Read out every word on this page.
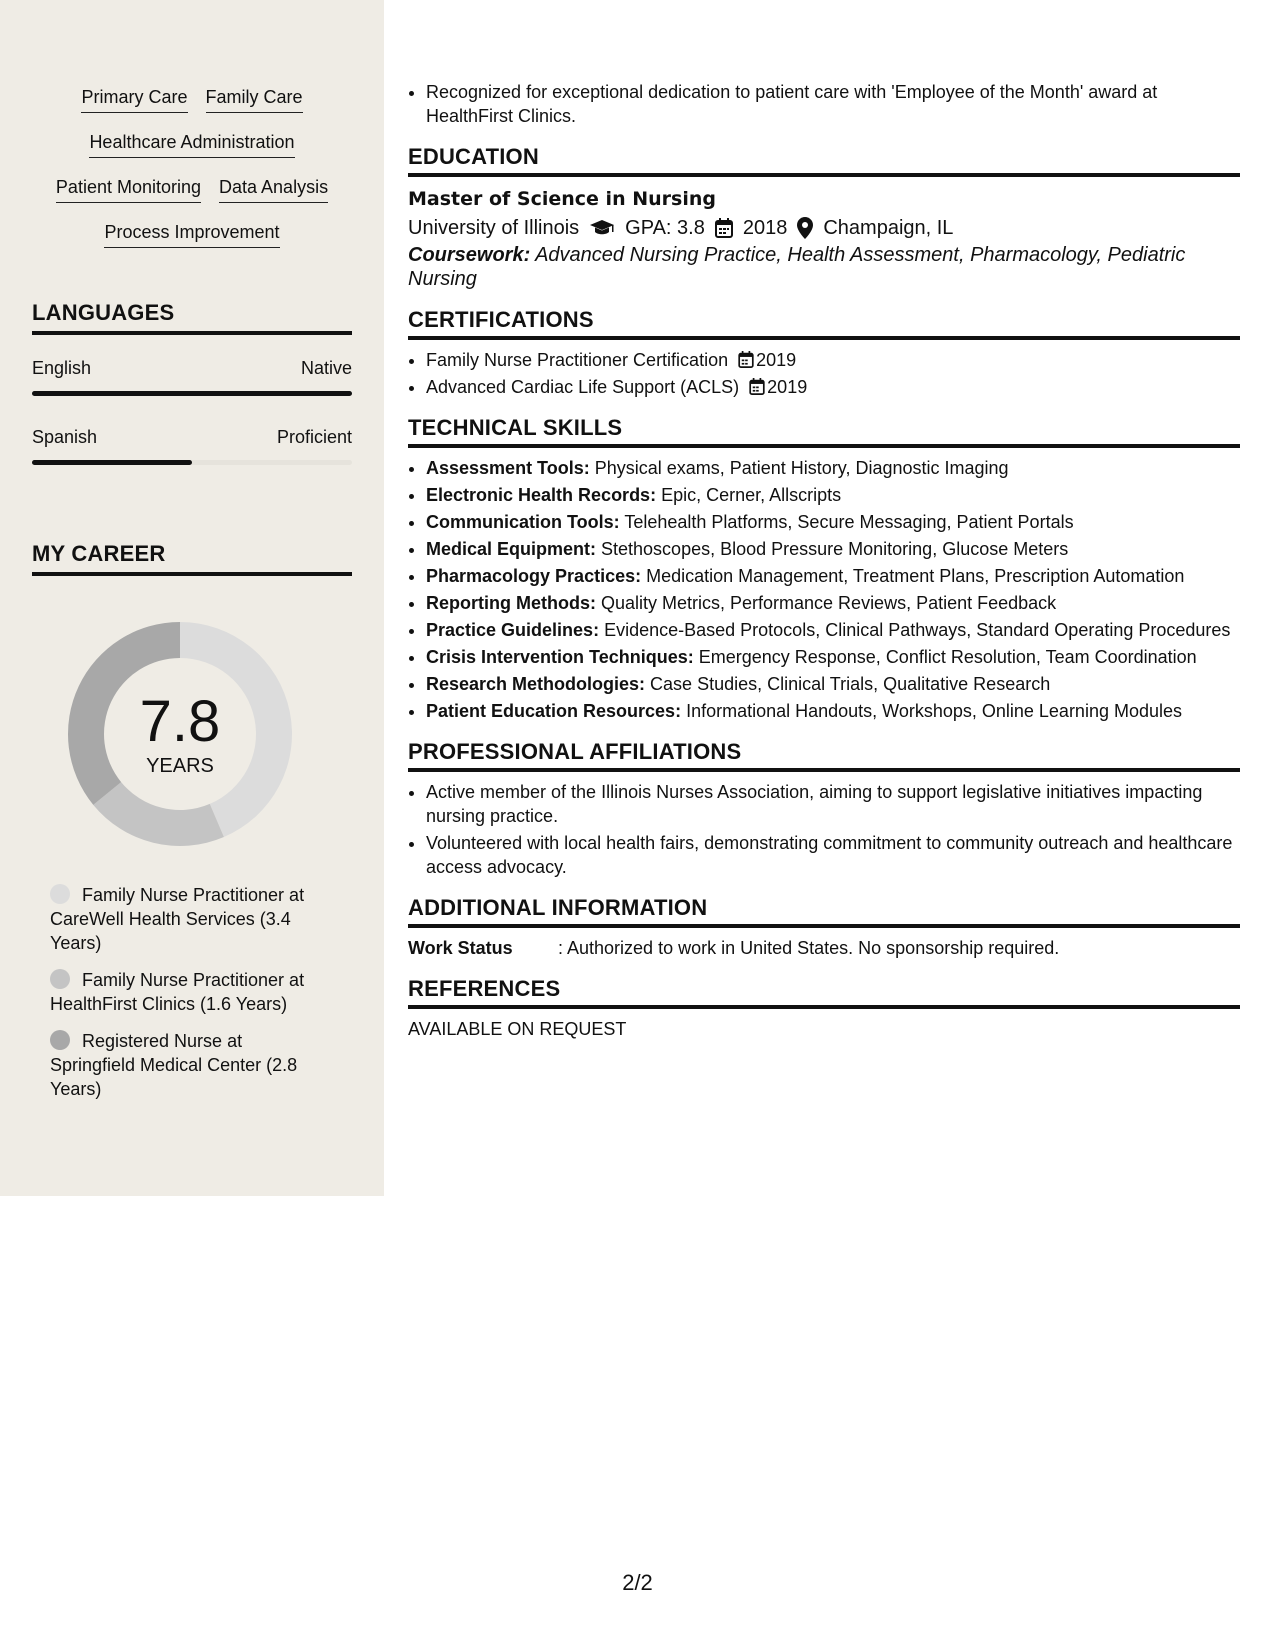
Primary Care Family Care
Healthcare Administration
Patient Monitoring Data Analysis
Process Improvement
LANGUAGES
English	Native
Spanish	Proficient
MY CAREER
7.8
YEARS
Family Nurse Practitioner at CareWell Health Services (3.4 Years)
Family Nurse Practitioner at HealthFirst Clinics (1.6 Years)
Registered Nurse at Springfield Medical Center (2.8 Years)
• Recognized for exceptional dedication to patient care with 'Employee of the Month' award at HealthFirst Clinics.
EDUCATION
Master of Science in Nursing
University of Illinois GPA: 3.8 2018 Champaign, IL
Coursework: Advanced Nursing Practice, Health Assessment, Pharmacology, Pediatric Nursing
CERTIFICATIONS
• Family Nurse Practitioner Certification 2019
• Advanced Cardiac Life Support (ACLS) 2019
TECHNICAL SKILLS
• Assessment Tools: Physical exams, Patient History, Diagnostic Imaging
• Electronic Health Records: Epic, Cerner, Allscripts
• Communication Tools: Telehealth Platforms, Secure Messaging, Patient Portals
• Medical Equipment: Stethoscopes, Blood Pressure Monitoring, Glucose Meters
• Pharmacology Practices: Medication Management, Treatment Plans, Prescription Automation
• Reporting Methods: Quality Metrics, Performance Reviews, Patient Feedback
• Practice Guidelines: Evidence-Based Protocols, Clinical Pathways, Standard Operating Procedures
• Crisis Intervention Techniques: Emergency Response, Conflict Resolution, Team Coordination
• Research Methodologies: Case Studies, Clinical Trials, Qualitative Research
• Patient Education Resources: Informational Handouts, Workshops, Online Learning Modules
PROFESSIONAL AFFILIATIONS
• Active member of the Illinois Nurses Association, aiming to support legislative initiatives impacting nursing practice.
• Volunteered with local health fairs, demonstrating commitment to community outreach and healthcare access advocacy.
ADDITIONAL INFORMATION
Work Status	: Authorized to work in United States. No sponsorship required.
REFERENCES
AVAILABLE ON REQUEST
2/2
